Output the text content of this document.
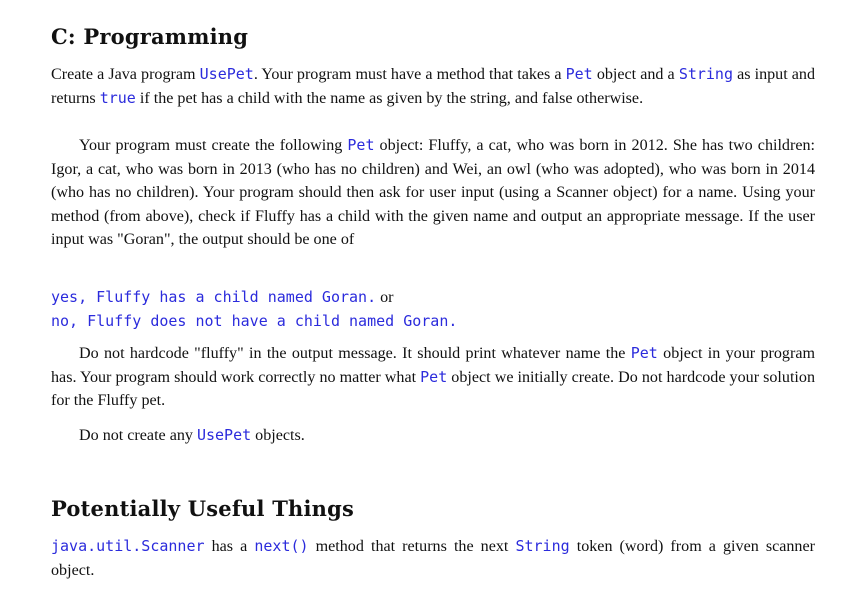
C: Programming

Create a Java program UsePet. Your program must have a method that takes a Pet object and a String as input and returns true if the pet has a child with the name as given by the string, and false otherwise.

Your program must create the following Pet object: Fluffy, a cat, who was born in 2012. She has two children: Igor, a cat, who was born in 2013 (who has no children) and Wei, an owl (who was adopted), who was born in 2014 (who has no children). Your program should then ask for user input (using a Scanner object) for a name. Using your method (from above), check if Fluffy has a child with the given name and output an appropriate message. If the user input was "Goran", the output should be one of

yes, Fluffy has a child named Goran. or
no, Fluffy does not have a child named Goran.

Do not hardcode "fluffy" in the output message. It should print whatever name the Pet object in your program has. Your program should work correctly no matter what Pet object we initially create. Do not hardcode your solution for the Fluffy pet.

Do not create any UsePet objects.

Potentially Useful Things

java.util.Scanner has a next() method that returns the next String token (word) from a given scanner object.
